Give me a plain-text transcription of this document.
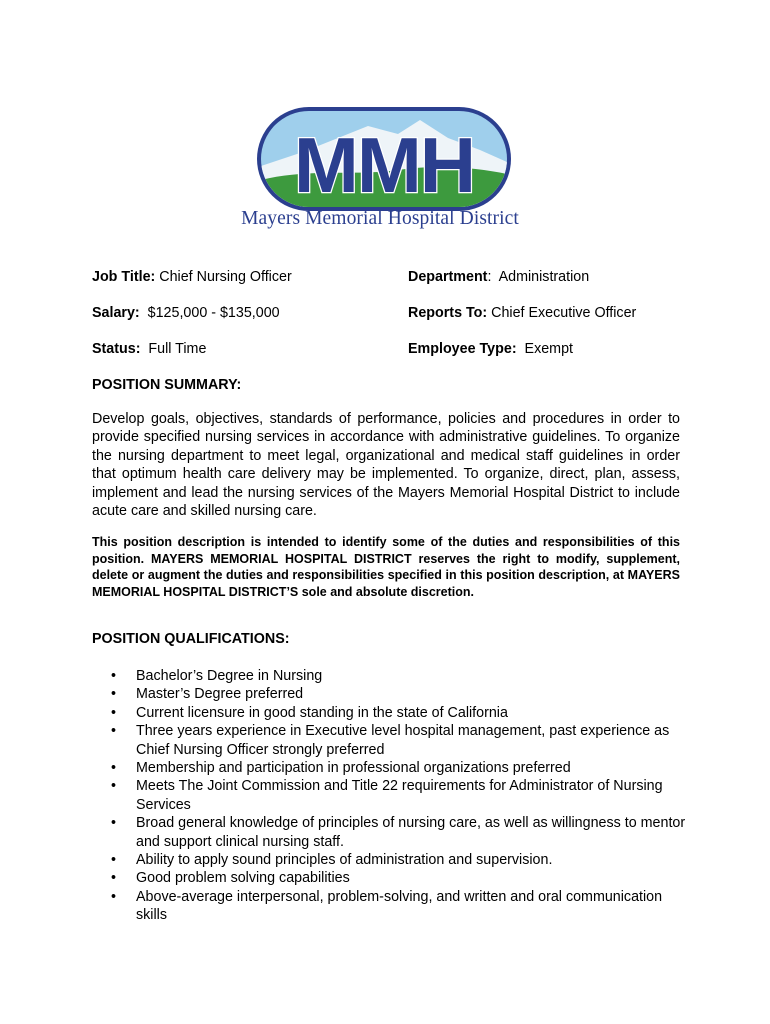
MMH
Mayers Memorial Hospital District
Job Title: Chief Nursing Officer	Department: Administration
Salary: $125,000 - $135,000	Reports To: Chief Executive Officer
Status: Full Time	Employee Type: Exempt
POSITION SUMMARY:
Develop goals, objectives, standards of performance, policies and procedures in order to provide specified nursing services in accordance with administrative guidelines. To organize the nursing department to meet legal, organizational and medical staff guidelines in order that optimum health care delivery may be implemented. To organize, direct, plan, assess, implement and lead the nursing services of the Mayers Memorial Hospital District to include acute care and skilled nursing care.
This position description is intended to identify some of the duties and responsibilities of this position. MAYERS MEMORIAL HOSPITAL DISTRICT reserves the right to modify, supplement, delete or augment the duties and responsibilities specified in this position description, at MAYERS MEMORIAL HOSPITAL DISTRICT’S sole and absolute discretion.
POSITION QUALIFICATIONS:
• Bachelor’s Degree in Nursing
• Master’s Degree preferred
• Current licensure in good standing in the state of California
• Three years experience in Executive level hospital management, past experience as Chief Nursing Officer strongly preferred
• Membership and participation in professional organizations preferred
• Meets The Joint Commission and Title 22 requirements for Administrator of Nursing Services
• Broad general knowledge of principles of nursing care, as well as willingness to mentor and support clinical nursing staff.
• Ability to apply sound principles of administration and supervision.
• Good problem solving capabilities
• Above-average interpersonal, problem-solving, and written and oral communication skills
